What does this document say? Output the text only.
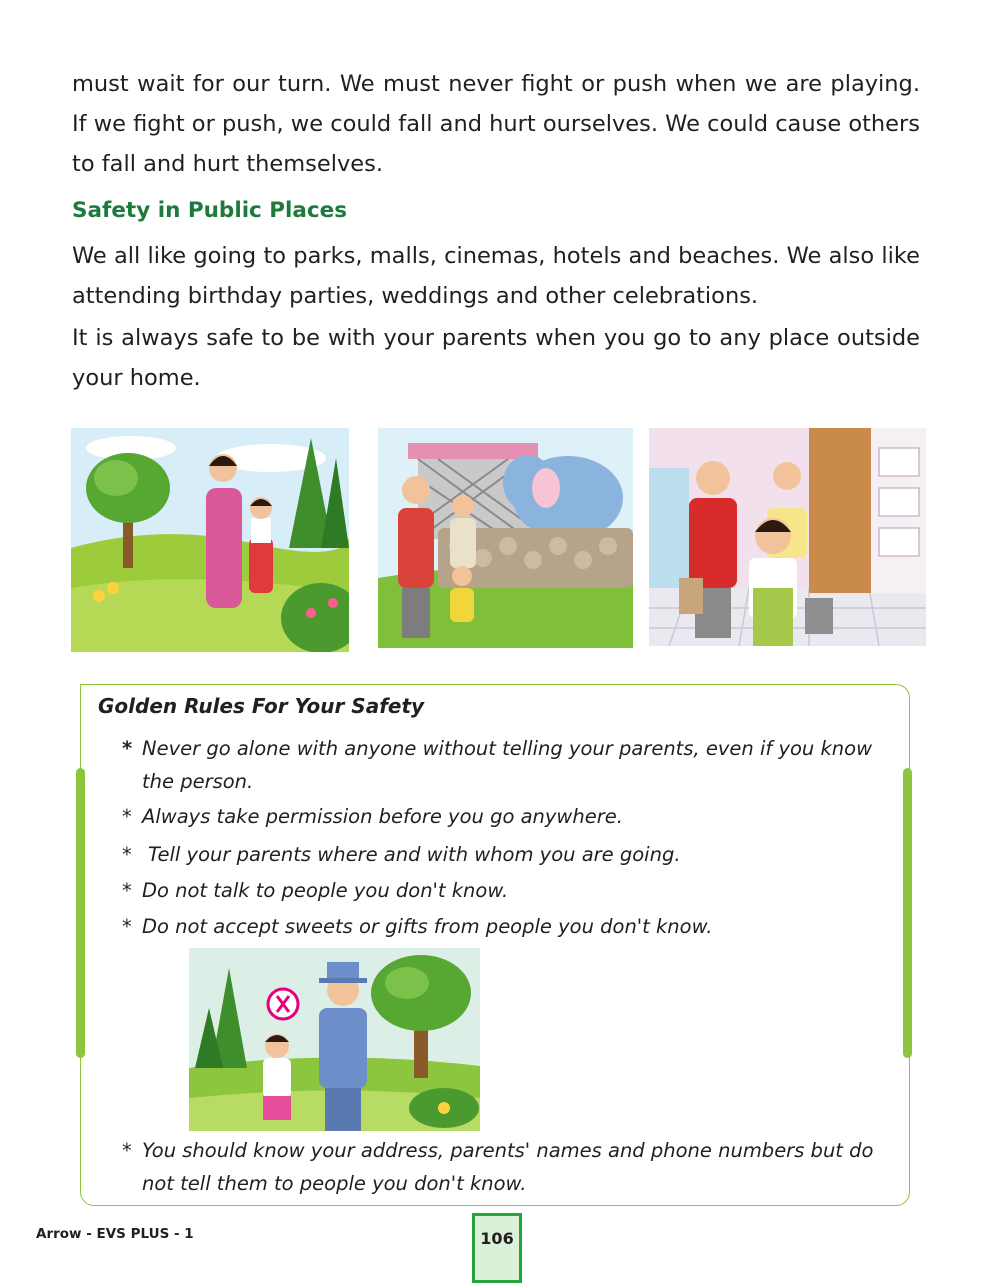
must wait for our turn. We must never fight or push when we are playing. If we fight or push, we could fall and hurt ourselves. We could cause others to fall and hurt themselves.

Safety in Public Places

We all like going to parks, malls, cinemas, hotels and beaches. We also like attending birthday parties, weddings and other celebrations.

It is always safe to be with your parents when you go to any place outside your home.

Golden Rules For Your Safety
* Never go alone with anyone without telling your parents, even if you know the person.
* Always take permission before you go anywhere.
* Tell your parents where and with whom you are going.
* Do not talk to people you don't know.
* Do not accept sweets or gifts from people you don't know.
* You should know your address, parents' names and phone numbers but do not tell them to people you don't know.
Arrow - EVS PLUS - 1	106
